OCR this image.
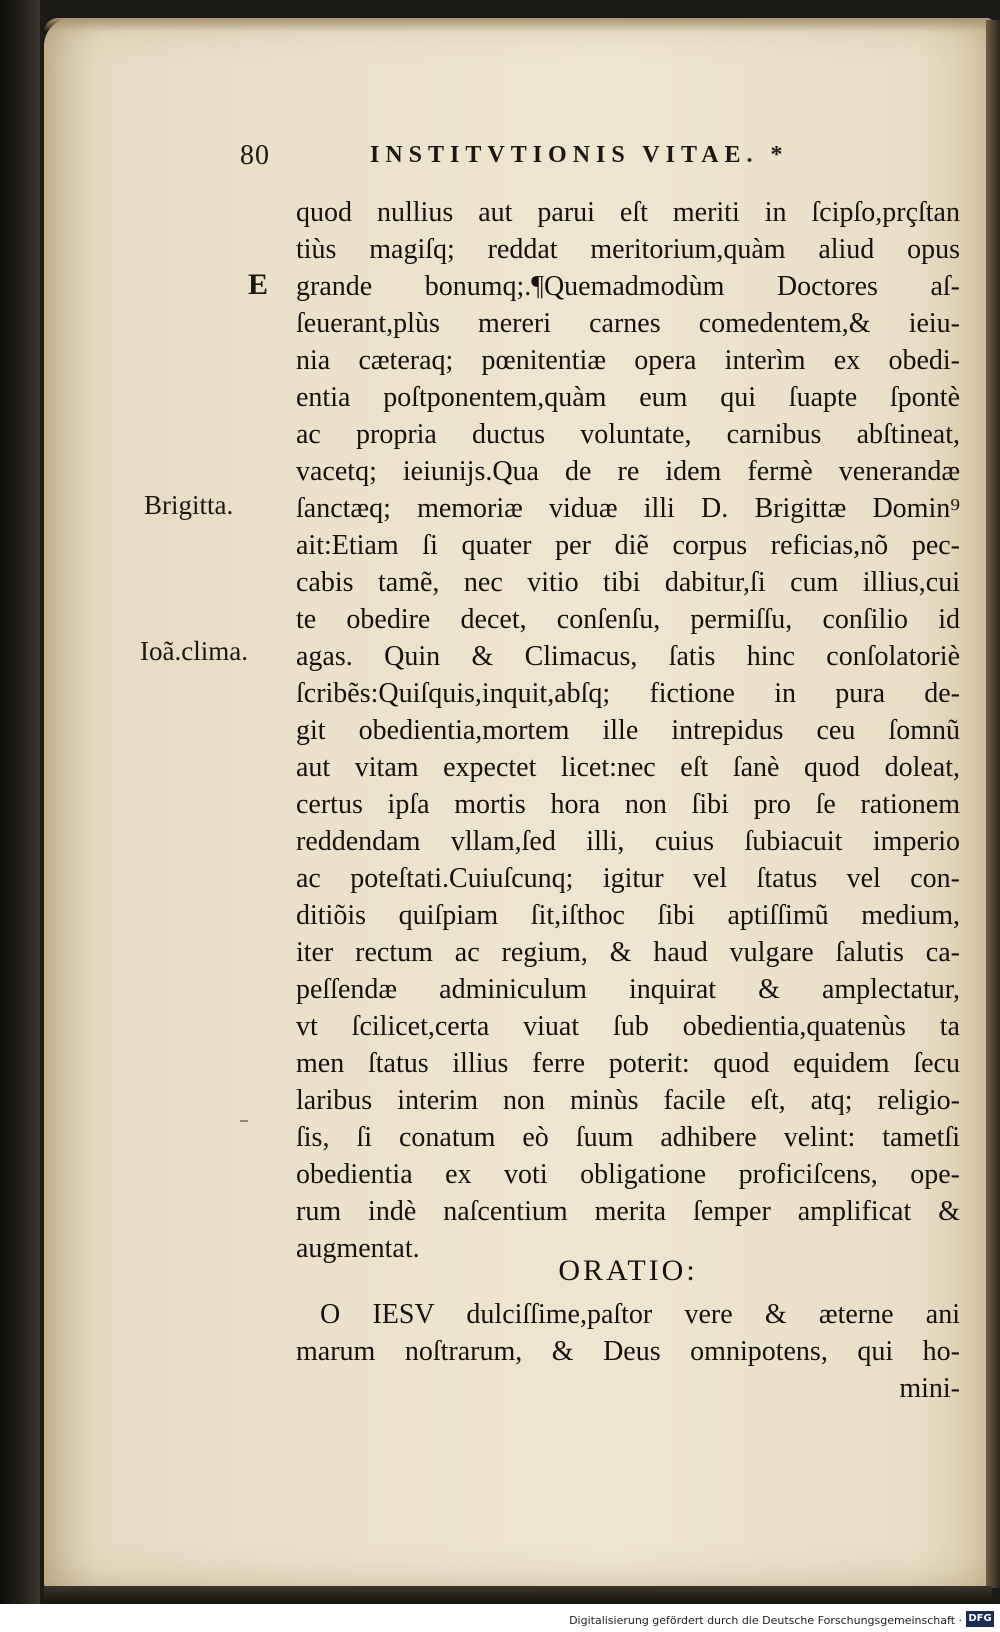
80	INSTITVTIONIS VITAE. *
E
Brigitta.
Ioã.clima.
quod nullius aut parui eſt meriti in ſcipſo,prçſtan
tiùs magiſq; reddat meritorium,quàm aliud opus
grande bonumq;.¶Quemadmodùm Doctores aſ-
ſeuerant,plùs mereri carnes comedentem,& ieiu-
nia cæteraq; pœnitentiæ opera interìm ex obedi-
entia poſtponentem,quàm eum qui ſuapte ſpontè
ac propria ductus voluntate, carnibus abſtineat,
vacetq; ieiunijs.Qua de re idem fermè venerandæ
ſanctæq; memoriæ viduæ illi D. Brigittæ Domin⁹
ait:Etiam ſi quater per diẽ corpus reficias,nõ pec-
cabis tamẽ, nec vitio tibi dabitur,ſi cum illius,cui
te obedire decet, conſenſu, permiſſu, conſilio id
agas. Quin & Climacus, ſatis hinc conſolatoriè
ſcribẽs:Quiſquis,inquit,abſq; fictione in pura de-
git obedientia,mortem ille intrepidus ceu ſomnũ
aut vitam expectet licet:nec eſt ſanè quod doleat,
certus ipſa mortis hora non ſibi pro ſe rationem
reddendam vllam,ſed illi, cuius ſubiacuit imperio
ac poteſtati.Cuiuſcunq; igitur vel ſtatus vel con-
ditiõis quiſpiam ſit,iſthoc ſibi aptiſſimũ medium,
iter rectum ac regium, & haud vulgare ſalutis ca-
peſſendæ adminiculum inquirat & amplectatur,
vt ſcilicet,certa viuat ſub obedientia,quatenùs ta
men ſtatus illius ferre poterit: quod equidem ſecu
laribus interim non minùs facile eſt, atq; religio-
ſis, ſi conatum eò ſuum adhibere velint: tametſi
obedientia ex voti obligatione proficiſcens, ope-
rum indè naſcentium merita ſemper amplificat &
augmentat.
ORATIO:
O IESV dulciſſime,paſtor vere & æterne ani
marum noſtrarum, & Deus omnipotens, qui ho-
mini-
Digitalisierung gefördert durch die Deutsche Forschungsgemeinschaft · DFG
